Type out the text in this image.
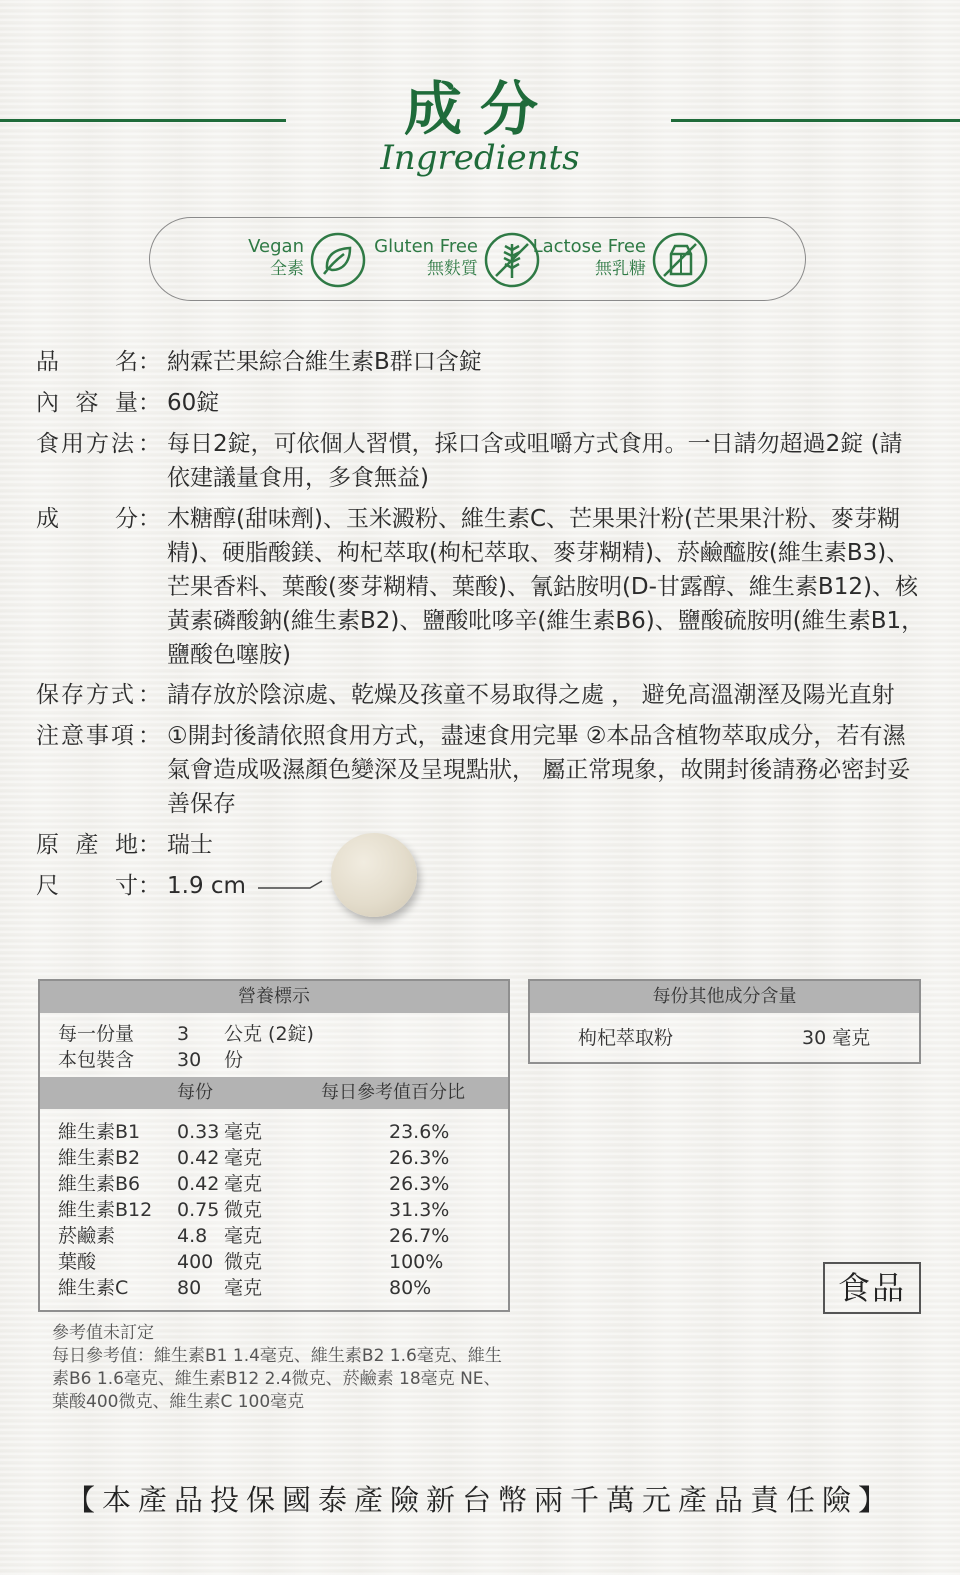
成分
Ingredients
Vegan
全素
Gluten Free
無麩質
Lactose Free
無乳糖
品 名 ： 納霖芒果綜合維生素B群口含錠
內 容 量 ： 60錠
食用方法 ： 每日2錠，可依個人習慣，採口含或咀嚼方式食用。一日請勿超過2錠 (請依建議量食用，多食無益)
成 分 ： 木糖醇(甜味劑)、玉米澱粉、維生素C、芒果果汁粉(芒果果汁粉、麥芽糊精)、硬脂酸鎂、枸杞萃取(枸杞萃取、麥芽糊精)、菸鹼醯胺(維生素B3)、芒果香料、葉酸(麥芽糊精、葉酸)、氰鈷胺明(D-甘露醇、維生素B12)、核黃素磷酸鈉(維生素B2)、鹽酸吡哆辛(維生素B6)、鹽酸硫胺明(維生素B1，鹽酸色噻胺)
保存方式 ： 請存放於陰涼處、乾燥及孩童不易取得之處 ， 避免高溫潮溼及陽光直射
注意事項 ： ①開封後請依照食用方式，盡速食用完畢 ②本品含植物萃取成分，若有濕氣會造成吸濕顏色變深及呈現點狀， 屬正常現象，故開封後請務必密封妥善保存
原 產 地 ： 瑞士
尺 寸 ： 1.9 cm
營養標示
每一份量 3 公克 (2錠)
本包裝含 30 份
每份	每日參考值百分比
維生素B1 0.33 毫克	23.6%
維生素B2 0.42 毫克	26.3%
維生素B6 0.42 毫克	26.3%
維生素B12 0.75 微克	31.3%
菸鹼素	4.8 毫克	26.7%
葉酸	400 微克	100%
維生素C	80 毫克	80%
每份其他成分含量
枸杞萃取粉	30 毫克
參考值未訂定
每日參考值：維生素B1 1.4毫克、維生素B2 1.6毫克、維生素B6 1.6毫克、維生素B12 2.4微克、菸鹼素 18毫克 NE、葉酸400微克、維生素C 100毫克
食品
【本產品投保國泰產險新台幣兩千萬元產品責任險】
